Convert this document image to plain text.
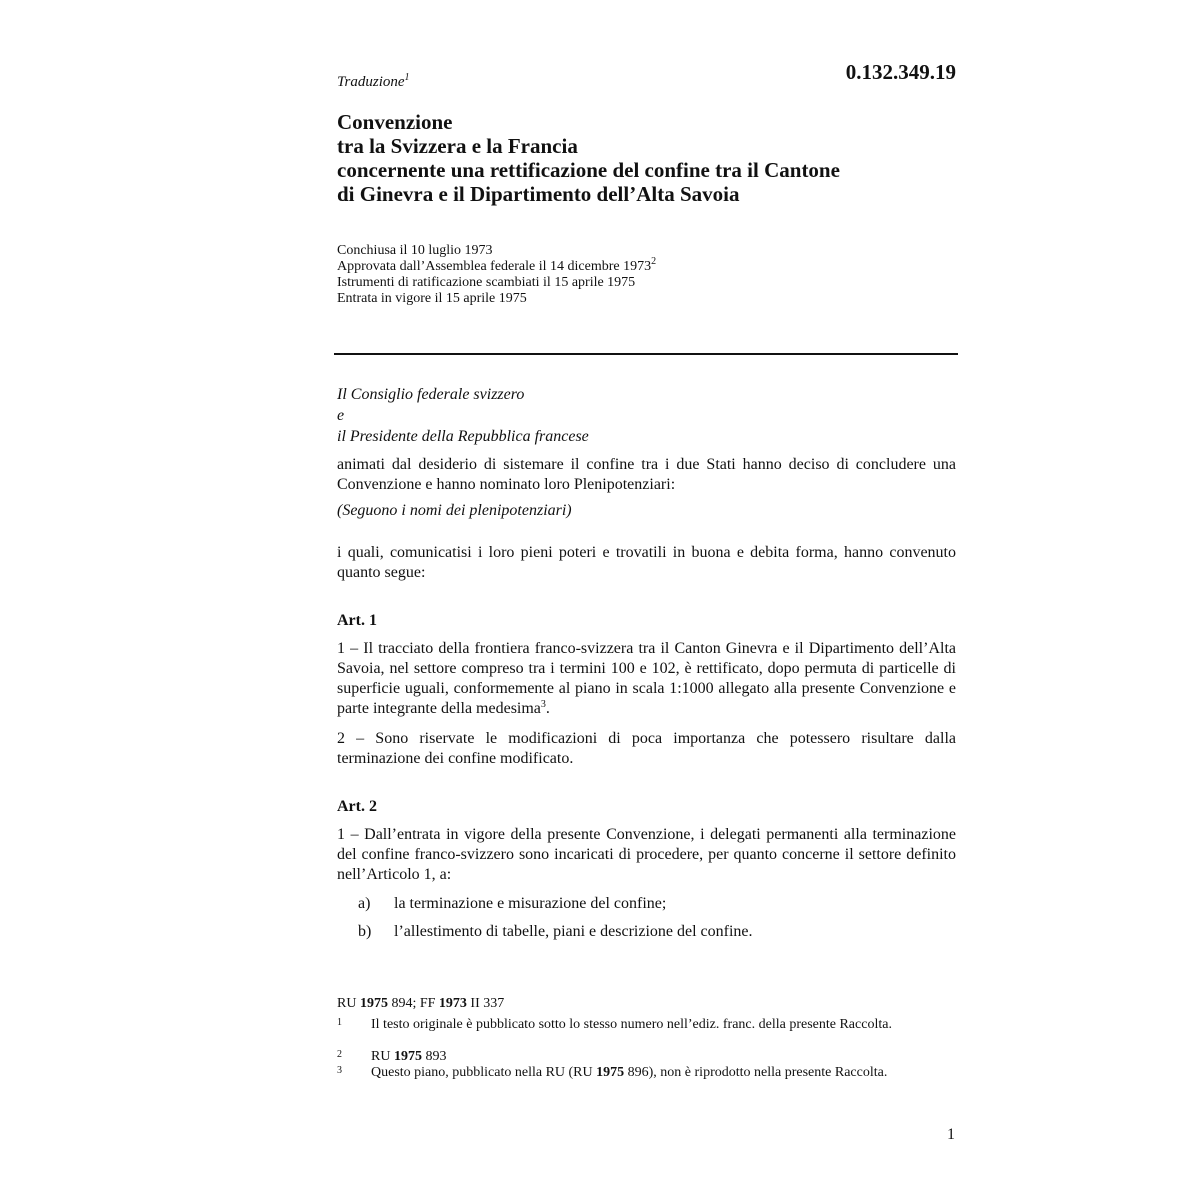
0.132.349.19
Traduzione$^1$
Convenzione
tra la Svizzera e la Francia
concernente una rettificazione del confine tra il Cantone
di Ginevra e il Dipartimento dell’Alta Savoia
Conchiusa il 10 luglio 1973
Approvata dall’Assemblea federale il 14 dicembre 1973$^2$
Istrumenti di ratificazione scambiati il 15 aprile 1975
Entrata in vigore il 15 aprile 1975
Il Consiglio federale svizzero
e
il Presidente della Repubblica francese
animati dal desiderio di sistemare il confine tra i due Stati hanno deciso di concludere una Convenzione e hanno nominato loro Plenipotenziari:
(Seguono i nomi dei plenipotenziari)
i quali, comunicatisi i loro pieni poteri e trovatili in buona e debita forma, hanno convenuto quanto segue:
Art. 1
1 – Il tracciato della frontiera franco-svizzera tra il Canton Ginevra e il Dipartimento dell’Alta Savoia, nel settore compreso tra i termini 100 e 102, è rettificato, dopo permuta di particelle di superficie uguali, conformemente al piano in scala 1:1000 allegato alla presente Convenzione e parte integrante della medesima$^3$.
2 – Sono riservate le modificazioni di poca importanza che potessero risultare dalla terminazione dei confine modificato.
Art. 2
1 – Dall’entrata in vigore della presente Convenzione, i delegati permanenti alla terminazione del confine franco-svizzero sono incaricati di procedere, per quanto concerne il settore definito nell’Articolo 1, a:
a) la terminazione e misurazione del confine;
b) l’allestimento di tabelle, piani e descrizione del confine.
RU 1975 894; FF 1973 II 337
1 Il testo originale è pubblicato sotto lo stesso numero nell’ediz. franc. della presente Raccolta.
2 RU 1975 893
3 Questo piano, pubblicato nella RU (RU 1975 896), non è riprodotto nella presente Raccolta.
1
